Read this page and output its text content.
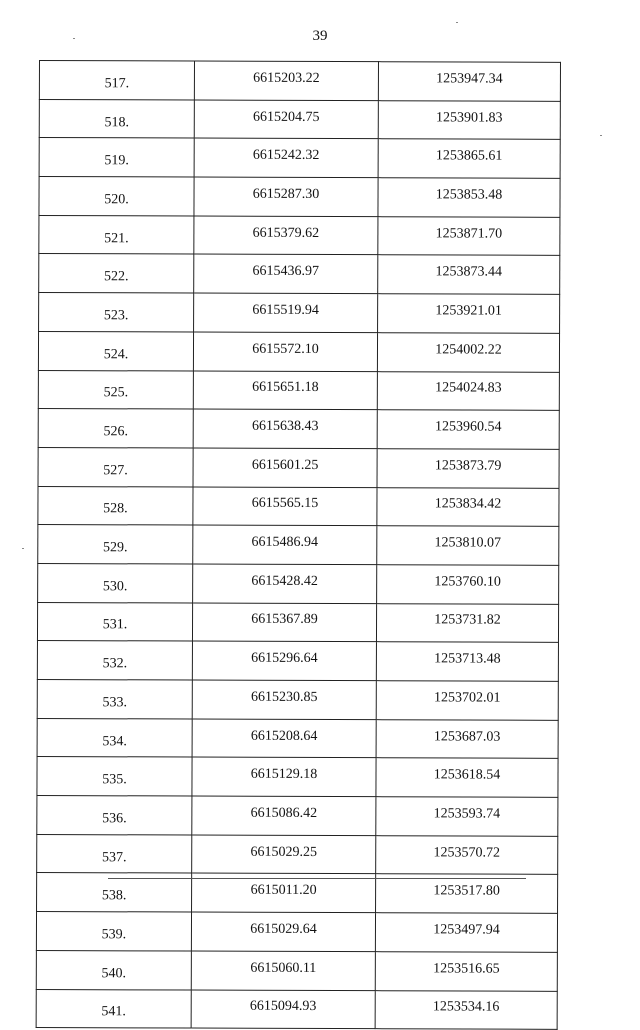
39
517.	6615203.22	1253947.34
518.	6615204.75	1253901.83
519.	6615242.32	1253865.61
520.	6615287.30	1253853.48
521.	6615379.62	1253871.70
522.	6615436.97	1253873.44
523.	6615519.94	1253921.01
524.	6615572.10	1254002.22
525.	6615651.18	1254024.83
526.	6615638.43	1253960.54
527.	6615601.25	1253873.79
528.	6615565.15	1253834.42
529.	6615486.94	1253810.07
530.	6615428.42	1253760.10
531.	6615367.89	1253731.82
532.	6615296.64	1253713.48
533.	6615230.85	1253702.01
534.	6615208.64	1253687.03
535.	6615129.18	1253618.54
536.	6615086.42	1253593.74
537.	6615029.25	1253570.72
538.	6615011.20	1253517.80
539.	6615029.64	1253497.94
540.	6615060.11	1253516.65
541.	6615094.93	1253534.16
